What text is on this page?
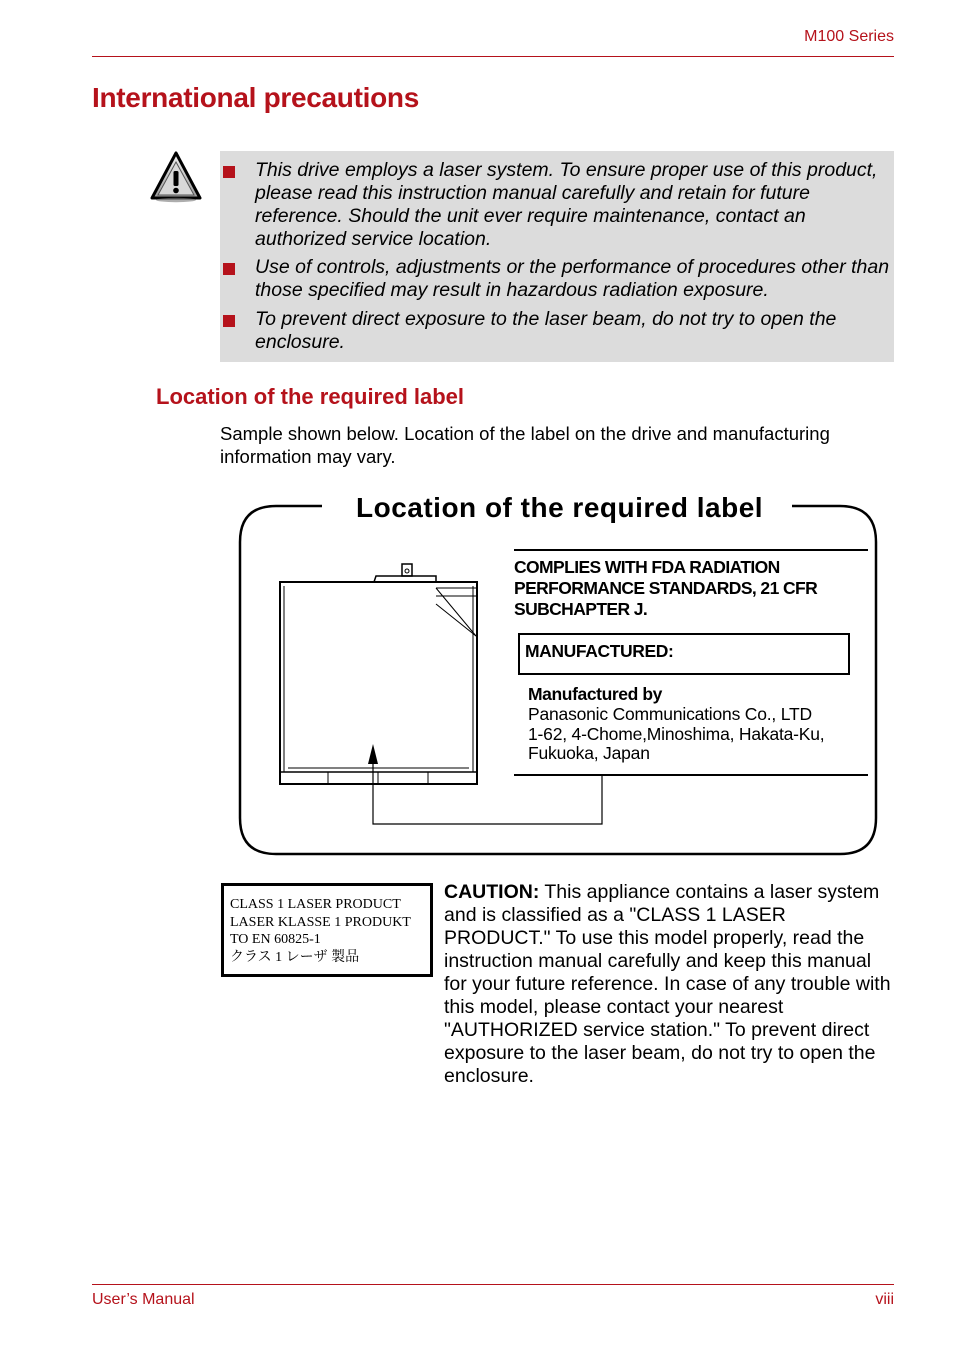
M100 Series
International precautions
This drive employs a laser system. To ensure proper use of this product, please read this instruction manual carefully and retain for future reference. Should the unit ever require maintenance, contact an authorized service location.
Use of controls, adjustments or the performance of procedures other than those specified may result in hazardous radiation exposure.
To prevent direct exposure to the laser beam, do not try to open the enclosure.
Location of the required label
Sample shown below. Location of the label on the drive and manufacturing information may vary.
Location of the required label
COMPLIES WITH FDA RADIATION
PERFORMANCE STANDARDS, 21 CFR
SUBCHAPTER J.
MANUFACTURED:
Manufactured by
Panasonic Communications Co., LTD
1-62, 4-Chome,Minoshima, Hakata-Ku,
Fukuoka, Japan
CLASS 1 LASER PRODUCT
LASER KLASSE 1 PRODUKT
TO EN 60825-1
クラス 1 レーザ 製品
CAUTION: This appliance contains a laser system and is classified as a "CLASS 1 LASER PRODUCT." To use this model properly, read the instruction manual carefully and keep this manual for your future reference. In case of any trouble with this model, please contact your nearest "AUTHORIZED service station." To prevent direct exposure to the laser beam, do not try to open the enclosure.
User’s Manual	viii
